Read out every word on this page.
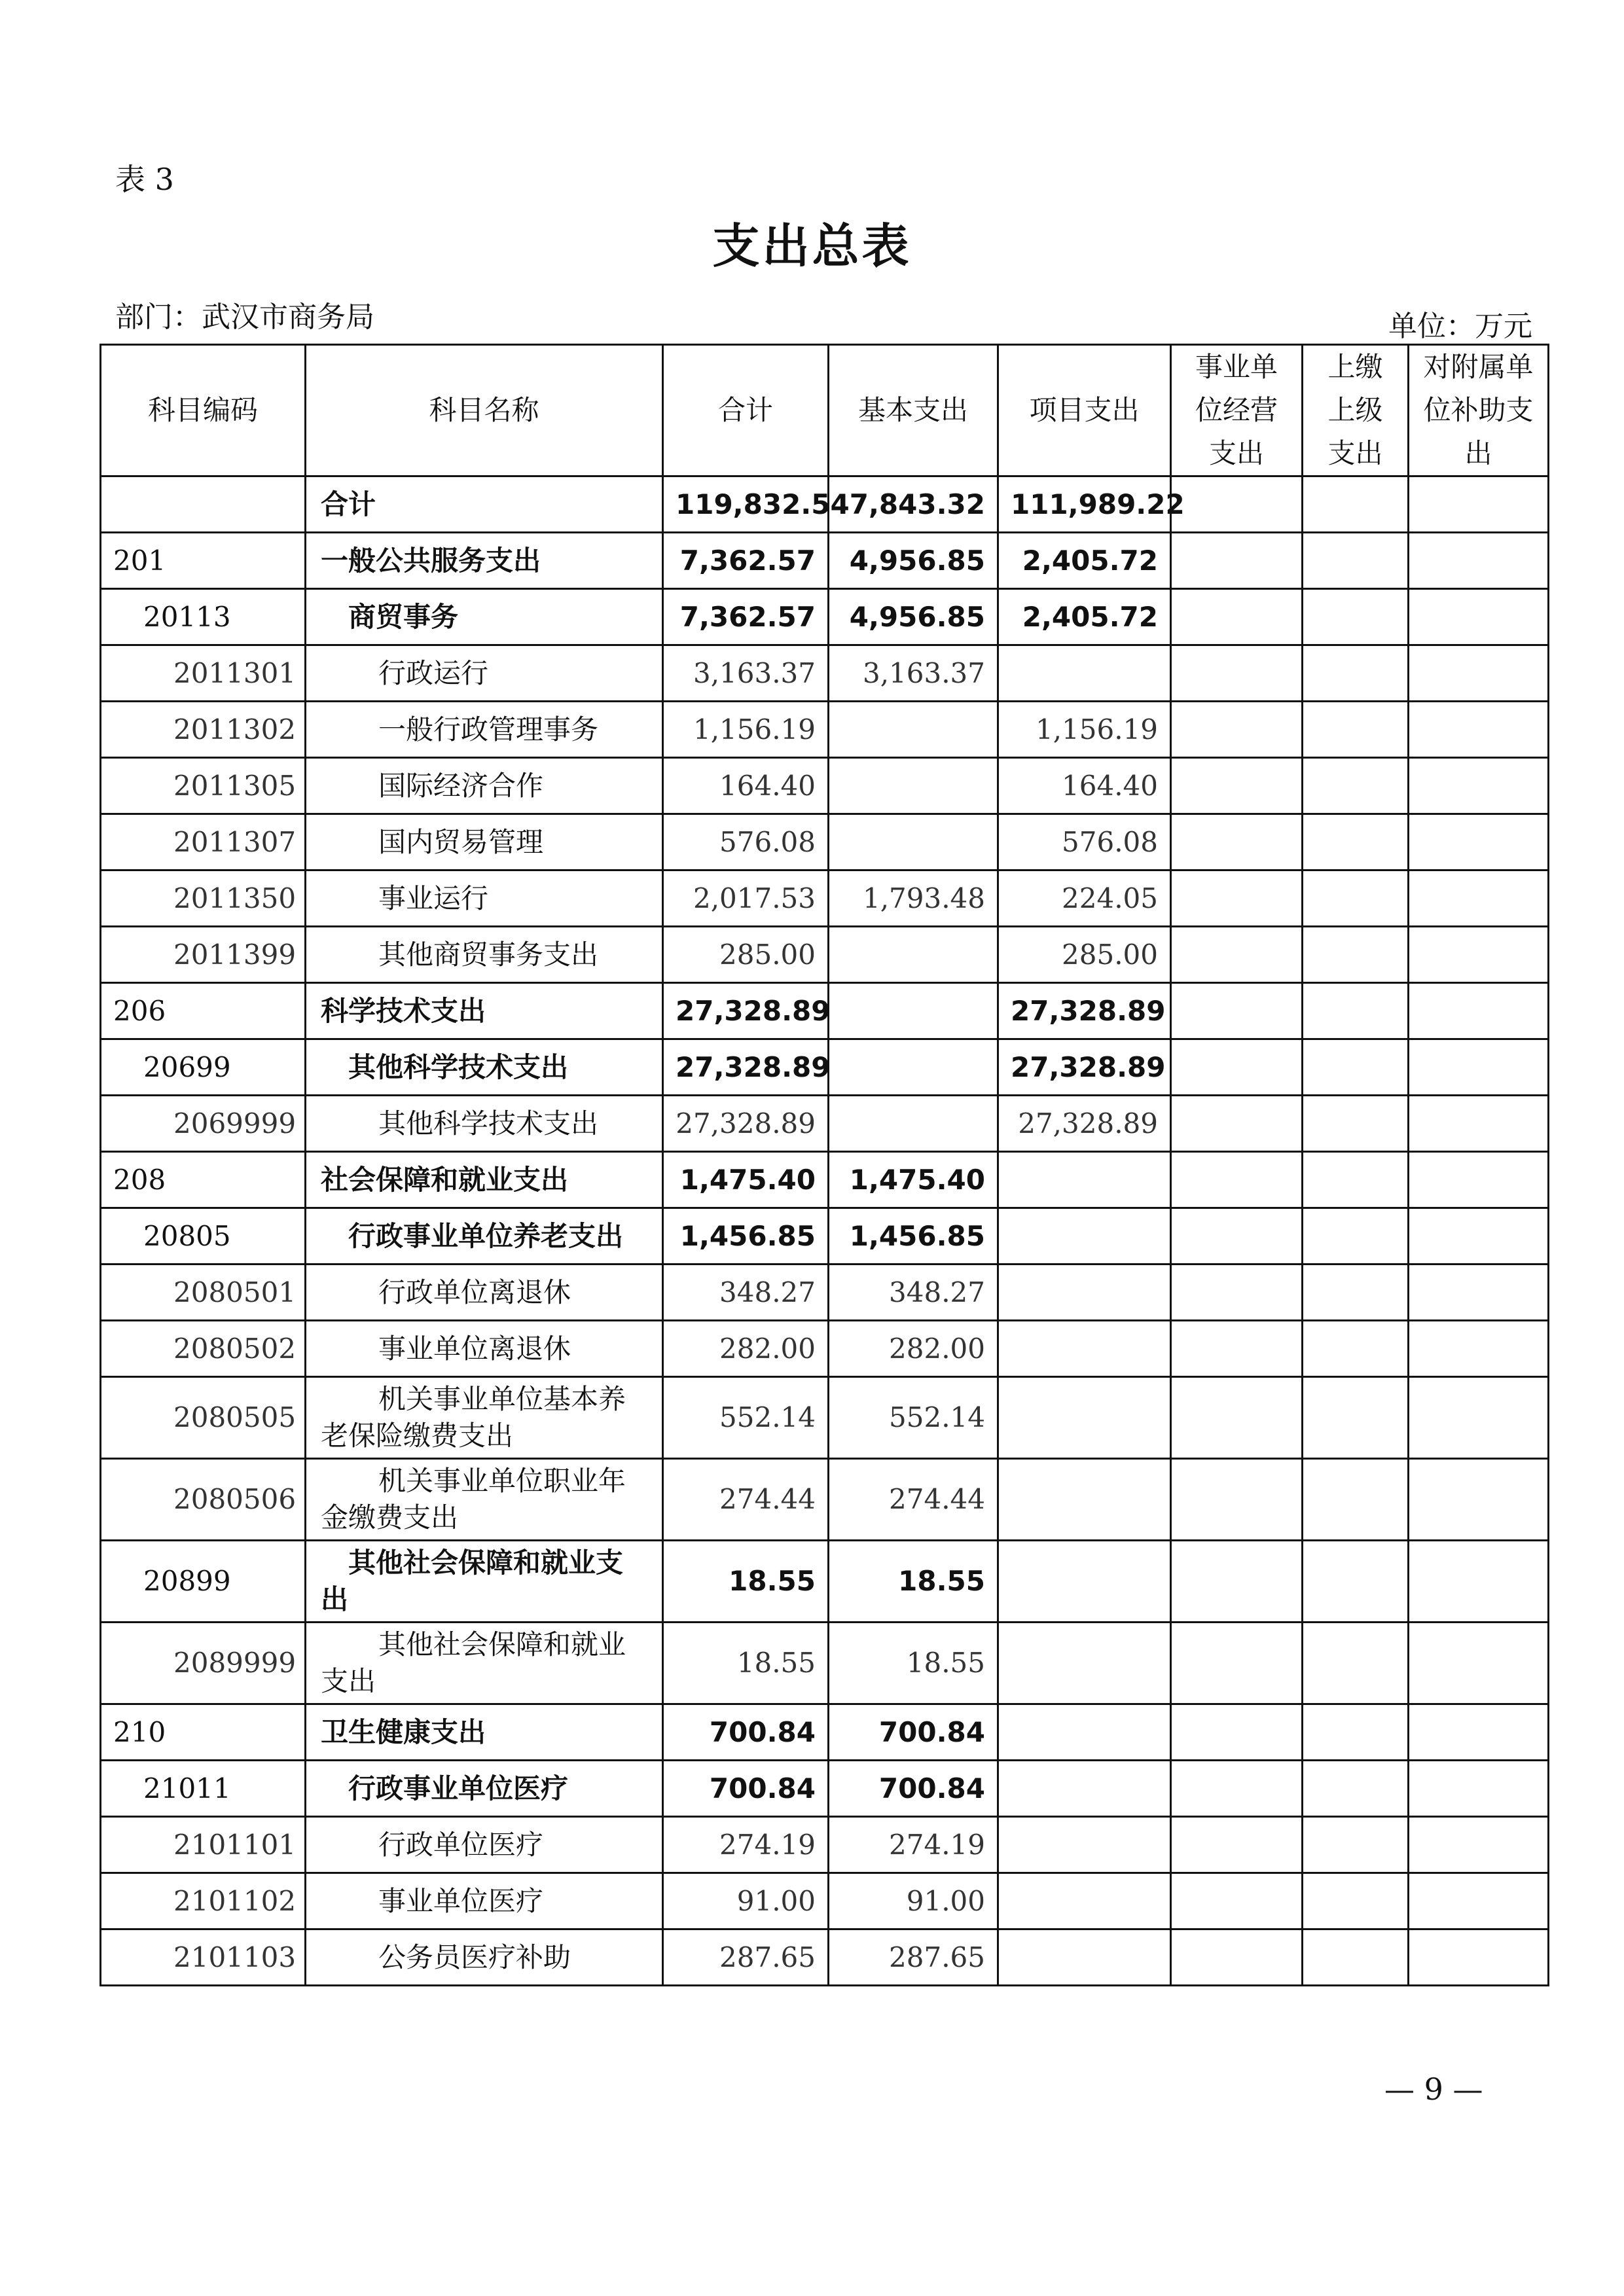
表 3
支出总表
部门：武汉市商务局	单位：万元
科目编码	科目名称	合计	基本支出	项目支出	事业单位经营支出	上缴上级支出	对附属单位补助支出
	合计	119,832.54	7,843.32	111,989.22			
201	一般公共服务支出	7,362.57	4,956.85	2,405.72			
20113	商贸事务	7,362.57	4,956.85	2,405.72			
2011301	行政运行	3,163.37	3,163.37				
2011302	一般行政管理事务	1,156.19		1,156.19			
2011305	国际经济合作	164.40		164.40			
2011307	国内贸易管理	576.08		576.08			
2011350	事业运行	2,017.53	1,793.48	224.05			
2011399	其他商贸事务支出	285.00		285.00			
206	科学技术支出	27,328.89		27,328.89			
20699	其他科学技术支出	27,328.89		27,328.89			
2069999	其他科学技术支出	27,328.89		27,328.89			
208	社会保障和就业支出	1,475.40	1,475.40				
20805	行政事业单位养老支出	1,456.85	1,456.85				
2080501	行政单位离退休	348.27	348.27				
2080502	事业单位离退休	282.00	282.00				
2080505	机关事业单位基本养老保险缴费支出	552.14	552.14				
2080506	机关事业单位职业年金缴费支出	274.44	274.44				
20899	其他社会保障和就业支出	18.55	18.55				
2089999	其他社会保障和就业支出	18.55	18.55				
210	卫生健康支出	700.84	700.84				
21011	行政事业单位医疗	700.84	700.84				
2101101	行政单位医疗	274.19	274.19				
2101102	事业单位医疗	91.00	91.00				
2101103	公务员医疗补助	287.65	287.65				
— 9 —
